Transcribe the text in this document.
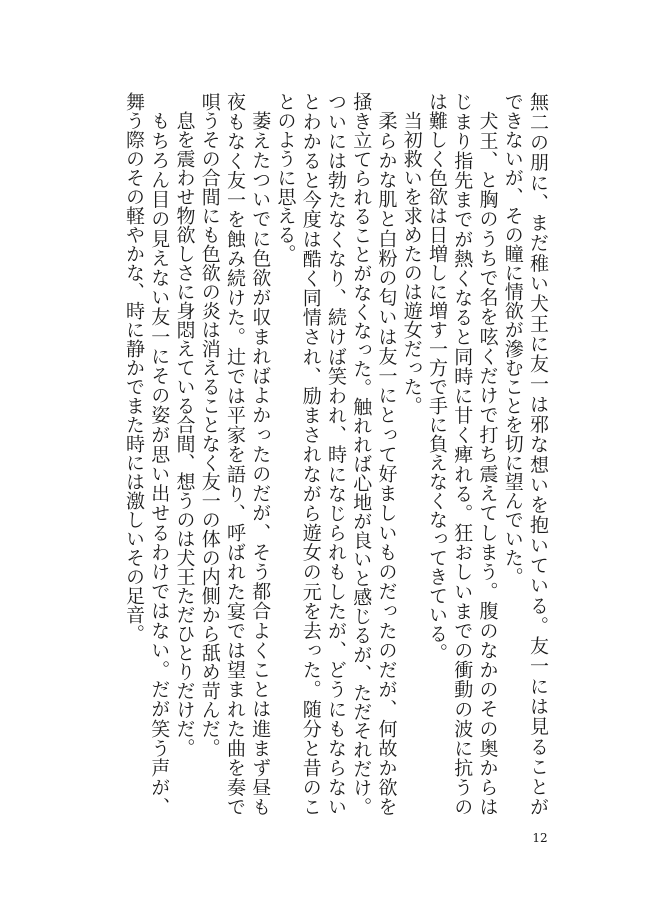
無二の朋に、まだ稚い犬王に友一は邪な想いを抱いている。友一には見ることが
できないが、その瞳に情欲が滲むことを切に望んでいた。
犬王、と胸のうちで名を呟くだけで打ち震えてしまう。腹のなかのその奥からは
じまり指先までが熱くなると同時に甘く痺れる。狂おしいまでの衝動の波に抗うの
は難しく色欲は日増しに増す一方で手に負えなくなってきている。
当初救いを求めたのは遊女だった。
柔らかな肌と白粉の匂いは友一にとって好ましいものだったのだが、何故か欲を
掻き立てられることがなくなった。触れれば心地が良いと感じるが、ただそれだけ。
ついには勃たなくなり、続けば笑われ、時になじられもしたが、どうにもならない
とわかると今度は酷く同情され、励まされながら遊女の元を去った。随分と昔のこ
とのように思える。
萎えたついでに色欲が収まればよかったのだが、そう都合よくことは進まず昼も
夜もなく友一を蝕み続けた。辻では平家を語り、呼ばれた宴では望まれた曲を奏で
唄うその合間にも色欲の炎は消えることなく友一の体の内側から舐め苛んだ。
息を震わせ物欲しさに身悶えている合間、想うのは犬王ただひとりだけだ。
もちろん目の見えない友一にその姿が思い出せるわけではない。だが笑う声が、
舞う際のその軽やかな、時に静かでまた時には激しいその足音。
12
